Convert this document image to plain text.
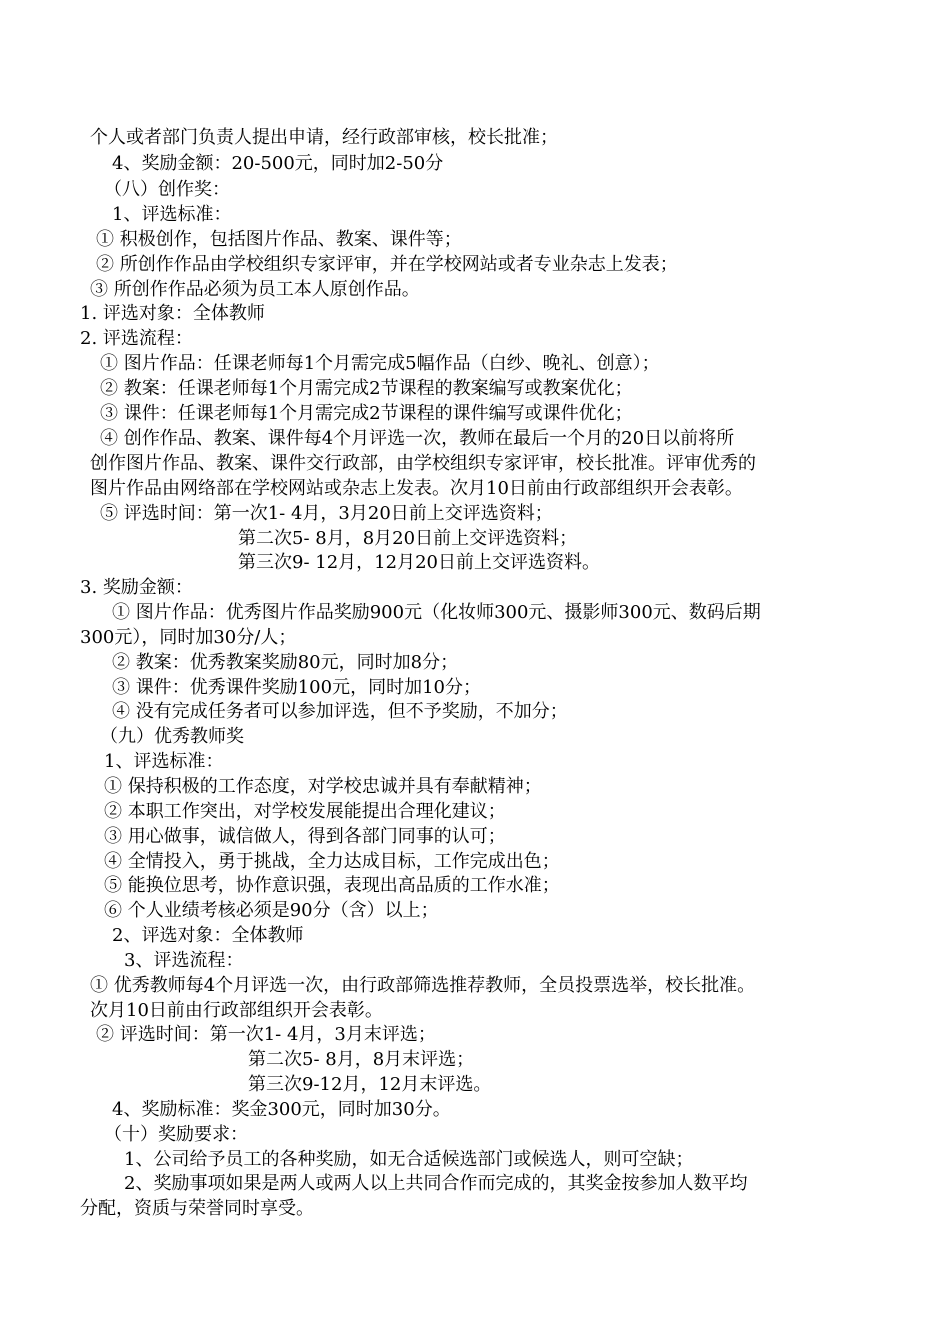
个人或者部门负责人提出申请，经行政部审核，校长批准；
4、奖励金额：20-500元，同时加2-50分
（八）创作奖：
1、评选标准：
① 积极创作，包括图片作品、教案、课件等；
② 所创作作品由学校组织专家评审，并在学校网站或者专业杂志上发表；
③ 所创作作品必须为员工本人原创作品。
1. 评选对象：全体教师
2. 评选流程：
① 图片作品：任课老师每1个月需完成5幅作品（白纱、晚礼、创意）；
② 教案：任课老师每1个月需完成2节课程的教案编写或教案优化；
③ 课件：任课老师每1个月需完成2节课程的课件编写或课件优化；
④ 创作作品、教案、课件每4个月评选一次，教师在最后一个月的20日以前将所
创作图片作品、教案、课件交行政部，由学校组织专家评审，校长批准。评审优秀的
图片作品由网络部在学校网站或杂志上发表。次月10日前由行政部组织开会表彰。
⑤ 评选时间：第一次1- 4月，3月20日前上交评选资料；
第二次5- 8月，8月20日前上交评选资料；
第三次9- 12月，12月20日前上交评选资料。
3. 奖励金额：
① 图片作品：优秀图片作品奖励900元（化妆师300元、摄影师300元、数码后期
300元），同时加30分/人；
② 教案：优秀教案奖励80元，同时加8分；
③ 课件：优秀课件奖励100元，同时加10分；
④ 没有完成任务者可以参加评选，但不予奖励，不加分；
（九）优秀教师奖
1、评选标准：
① 保持积极的工作态度，对学校忠诚并具有奉献精神；
② 本职工作突出，对学校发展能提出合理化建议；
③ 用心做事，诚信做人，得到各部门同事的认可；
④ 全情投入，勇于挑战，全力达成目标，工作完成出色；
⑤ 能换位思考，协作意识强，表现出高品质的工作水准；
⑥ 个人业绩考核必须是90分（含）以上；
2、评选对象：全体教师
3、评选流程：
① 优秀教师每4个月评选一次，由行政部筛选推荐教师，全员投票选举，校长批准。
次月10日前由行政部组织开会表彰。
② 评选时间：第一次1- 4月，3月末评选；
第二次5- 8月，8月末评选；
第三次9-12月，12月末评选。
4、奖励标准：奖金300元，同时加30分。
（十）奖励要求：
1、公司给予员工的各种奖励，如无合适候选部门或候选人，则可空缺；
2、奖励事项如果是两人或两人以上共同合作而完成的，其奖金按参加人数平均
分配，资质与荣誉同时享受。
